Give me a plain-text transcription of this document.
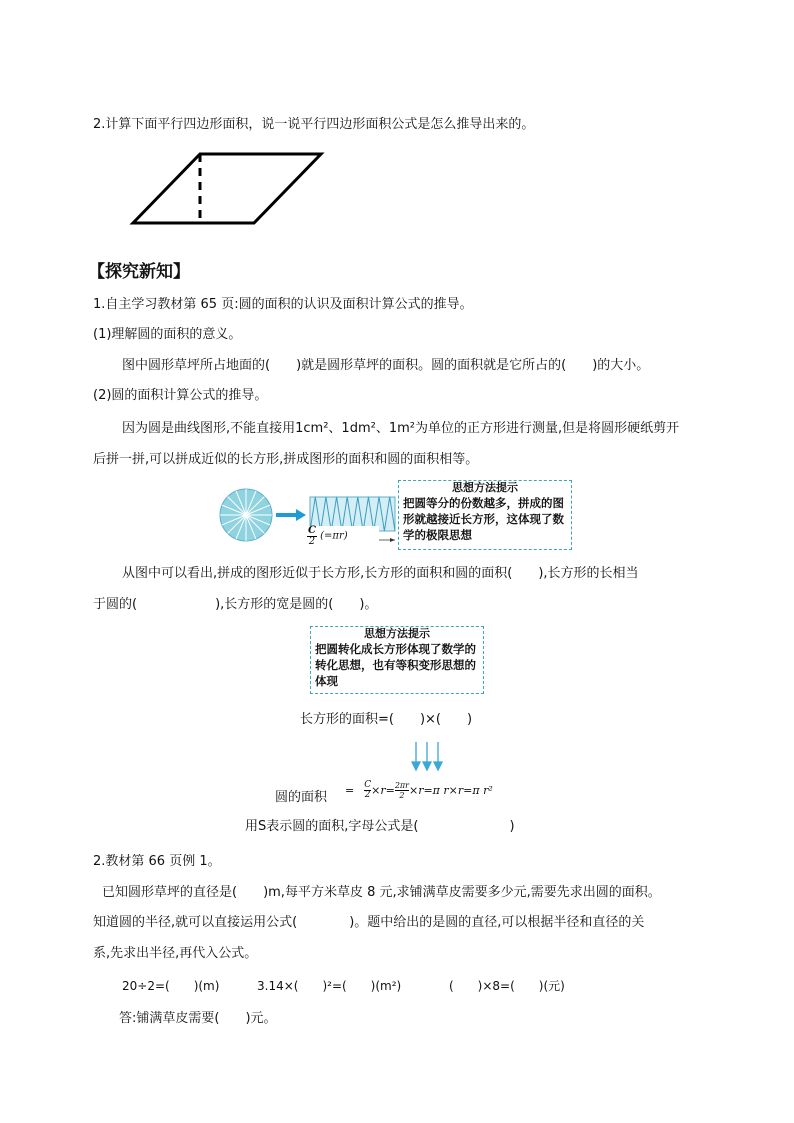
2.计算下面平行四边形面积，说一说平行四边形面积公式是怎么推导出来的。
【探究新知】
1.自主学习教材第 65 页:圆的面积的认识及面积计算公式的推导。
(1)理解圆的面积的意义。
图中圆形草坪所占地面的(　　)就是圆形草坪的面积。圆的面积就是它所占的(　　)的大小。
(2)圆的面积计算公式的推导。
因为圆是曲线图形,不能直接用1cm²、1dm²、1m²为单位的正方形进行测量,但是将圆形硬纸剪开
后拼一拼,可以拼成近似的长方形,拼成图形的面积和圆的面积相等。
$\frac{C}{2} (=\pi r)$
思想方法提示
把圆等分的份数越多，拼成的图形就越接近长方形，这体现了数学的极限思想
从图中可以看出,拼成的图形近似于长方形,长方形的面积和圆的面积(　　),长方形的长相当
于圆的(　　　　　　),长方形的宽是圆的(　　)。
思想方法提示
把圆转化成长方形体现了数学的转化思想，也有等积变形思想的体现
长方形的面积=(　　)×(　　)
圆的面积 = $\frac{C}{2} \times r= \frac{2\pi r}{2} \times r=\pi$ r×r=π r²
用S表示圆的面积,字母公式是(　　　　　　　)
2.教材第 66 页例 1。
已知圆形草坪的直径是(　　)m,每平方米草皮 8 元,求铺满草皮需要多少元,需要先求出圆的面积。
知道圆的半径,就可以直接运用公式(　　　　)。题中给出的是圆的直径,可以根据半径和直径的关
系,先求出半径,再代入公式。
20÷2=(　　)(m)	3.14×(　　)²=(　　)(m²)	(　　)×8=(　　)(元)
答:铺满草皮需要(　　)元。
